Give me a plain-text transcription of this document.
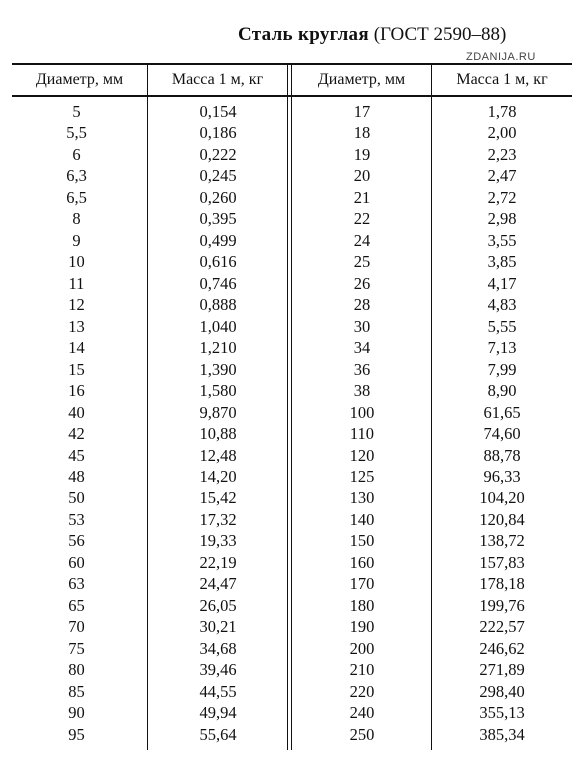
Сталь круглая (ГОСТ 2590–88)
ZDANIJA.RU
Диаметр, мм	Масса 1 м, кг	Диаметр, мм	Масса 1 м, кг
5	0,154	17	1,78
5,5	0,186	18	2,00
6	0,222	19	2,23
6,3	0,245	20	2,47
6,5	0,260	21	2,72
8	0,395	22	2,98
9	0,499	24	3,55
10	0,616	25	3,85
11	0,746	26	4,17
12	0,888	28	4,83
13	1,040	30	5,55
14	1,210	34	7,13
15	1,390	36	7,99
16	1,580	38	8,90
40	9,870	100	61,65
42	10,88	110	74,60
45	12,48	120	88,78
48	14,20	125	96,33
50	15,42	130	104,20
53	17,32	140	120,84
56	19,33	150	138,72
60	22,19	160	157,83
63	24,47	170	178,18
65	26,05	180	199,76
70	30,21	190	222,57
75	34,68	200	246,62
80	39,46	210	271,89
85	44,55	220	298,40
90	49,94	240	355,13
95	55,64	250	385,34
